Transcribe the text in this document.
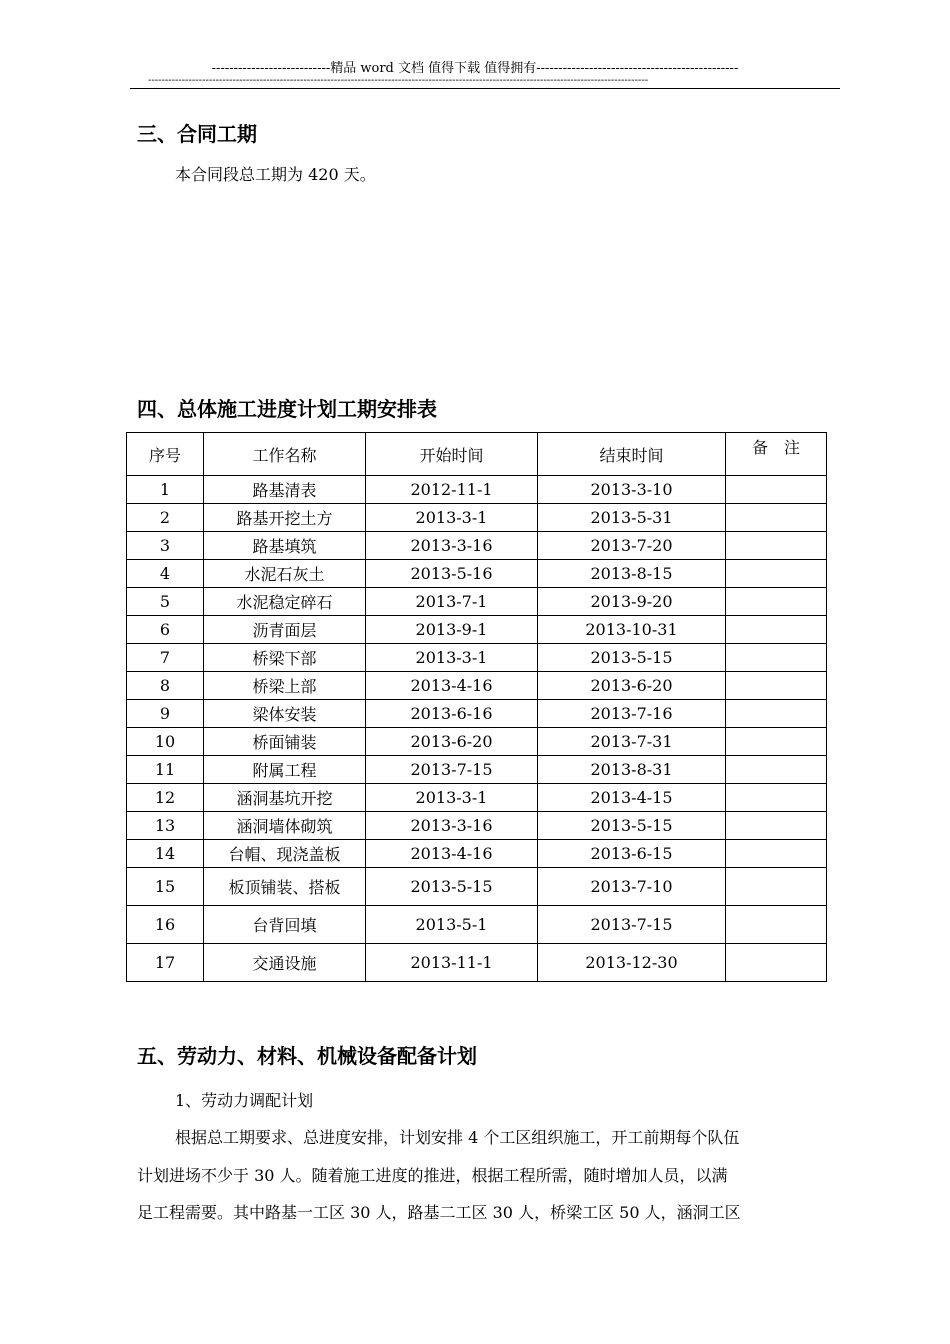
---------------------------精品 word 文档 值得下载 值得拥有----------------------------------------------
----------------------------------------------------------------------------------------------------------------------------------------------------
三、合同工期

本合同段总工期为 420 天。

四、总体施工进度计划工期安排表
序号	工作名称	开始时间	结束时间	备　注
1	路基清表	2012-11-1	2013-3-10	
2	路基开挖土方	2013-3-1	2013-5-31	
3	路基填筑	2013-3-16	2013-7-20	
4	水泥石灰土	2013-5-16	2013-8-15	
5	水泥稳定碎石	2013-7-1	2013-9-20	
6	沥青面层	2013-9-1	2013-10-31	
7	桥梁下部	2013-3-1	2013-5-15	
8	桥梁上部	2013-4-16	2013-6-20	
9	梁体安装	2013-6-16	2013-7-16	
10	桥面铺装	2013-6-20	2013-7-31	
11	附属工程	2013-7-15	2013-8-31	
12	涵洞基坑开挖	2013-3-1	2013-4-15	
13	涵洞墙体砌筑	2013-3-16	2013-5-15	
14	台帽、现浇盖板	2013-4-16	2013-6-15	
15	板顶铺装、搭板	2013-5-15	2013-7-10	
16	台背回填	2013-5-1	2013-7-15	
17	交通设施	2013-11-1	2013-12-30	
五、劳动力、材料、机械设备配备计划

1、劳动力调配计划

根据总工期要求、总进度安排，计划安排 4 个工区组织施工，开工前期每个队伍

计划进场不少于 30 人。随着施工进度的推进，根据工程所需，随时增加人员，以满

足工程需要。其中路基一工区 30 人，路基二工区 30 人，桥梁工区 50 人，涵洞工区
